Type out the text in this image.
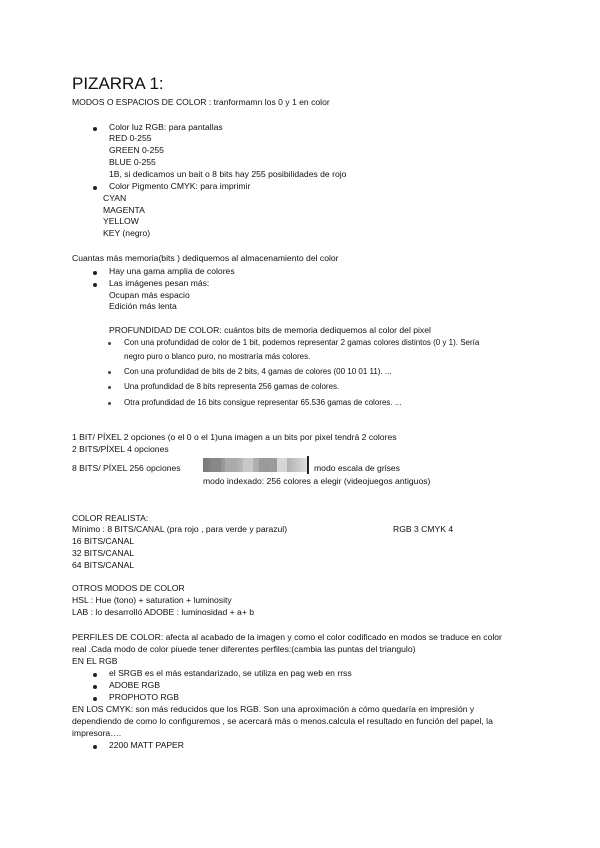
PIZARRA 1:
MODOS O ESPACIOS DE COLOR : tranformamn los 0 y 1 en color
Color luz RGB: para pantallas
RED 0-255
GREEN 0-255
BLUE 0-255
1B, si dedicamos un bait o 8 bits hay 255 posibilidades de rojo
Color Pigmento CMYK: para imprimir
CYAN
MAGENTA
YELLOW
KEY (negro)
Cuantas más memoria(bits ) dediquemos al almacenamiento del color
Hay una gama amplia de colores
Las imágenes pesan más:
Ocupan más espacio
Edición más lenta
PROFUNDIDAD DE COLOR: cuántos bits de memoria dediquemos al color del pixel
Con una profundidad de color de 1 bit, podemos representar 2 gamas colores distintos (0 y 1). Sería
negro puro o blanco puro, no mostraría más colores.
Con una profundidad de bits de 2 bits, 4 gamas de colores (00 10 01 11). ...
Una profundidad de 8 bits representa 256 gamas de colores.
Otra profundidad de 16 bits consigue representar 65.536 gamas de colores. ...
1 BIT/ PÍXEL 2 opciones (o el 0 o el 1)una imagen a un bits por pixel tendrá 2 colores
2 BITS/PÍXEL 4 opciones
8 BITS/ PÍXEL 256 opciones	modo escala de grises
modo indexado: 256 colores a elegir (videojuegos antiguos)
COLOR REALISTA:
Mínimo : 8 BITS/CANAL (pra rojo , para verde y parazul)	RGB 3 CMYK 4
16 BITS/CANAL
32 BITS/CANAL
64 BITS/CANAL
OTROS MODOS DE COLOR
HSL : Hue (tono) + saturation + luminosity
LAB : lo desarrolló ADOBE : luminosidad + a+ b
PERFILES DE COLOR: afecta al acabado de la imagen y como el color codificado en modos se traduce en color
real .Cada modo de color piuede tener diferentes perfiles:(cambia las puntas del triangulo)
EN EL RGB
el SRGB es el más estandarizado, se utiliza en pag web en rrss
ADOBE RGB
PROPHOTO RGB
EN LOS CMYK: son más reducidos que los RGB. Son una aproximación a cómo quedaría en impresión y
dependiendo de como lo configuremos , se acercará más o menos.calcula el resultado en función del papel, la
impresora….
2200 MATT PAPER
